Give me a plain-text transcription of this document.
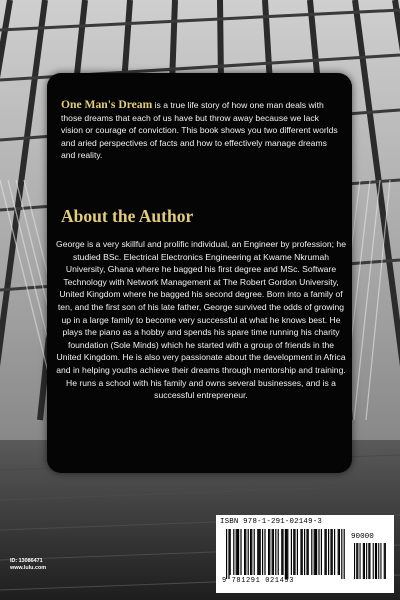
One Man's Dream is a true life story of how one man deals with those dreams that each of us have but throw away because we lack vision or courage of conviction. This book shows you two different worlds and aried perspectives of facts and how to effectively manage dreams and reality.

About the Author

George is a very skillful and prolific individual, an Engineer by profession; he studied BSc. Electrical Electronics Engineering at Kwame Nkrumah University, Ghana where he bagged his first degree and MSc. Software Technology with Network Management at The Robert Gordon University, United Kingdom where he bagged his second degree. Born into a family of ten, and the first son of his late father, George survived the odds of growing up in a large family to become very successful at what he knows best. He plays the piano as a hobby and spends his spare time running his charity foundation (Sole Minds) which he started with a group of friends in the United Kingdom. He is also very passionate about the development in Africa and in helping youths achieve their dreams through mentorship and training. He runs a school with his family and owns several businesses, and is a successful entrepreneur.

ISBN 978-1-291-02149-3
90000
9 781291 021493
ID: 13086471
www.lulu.com
